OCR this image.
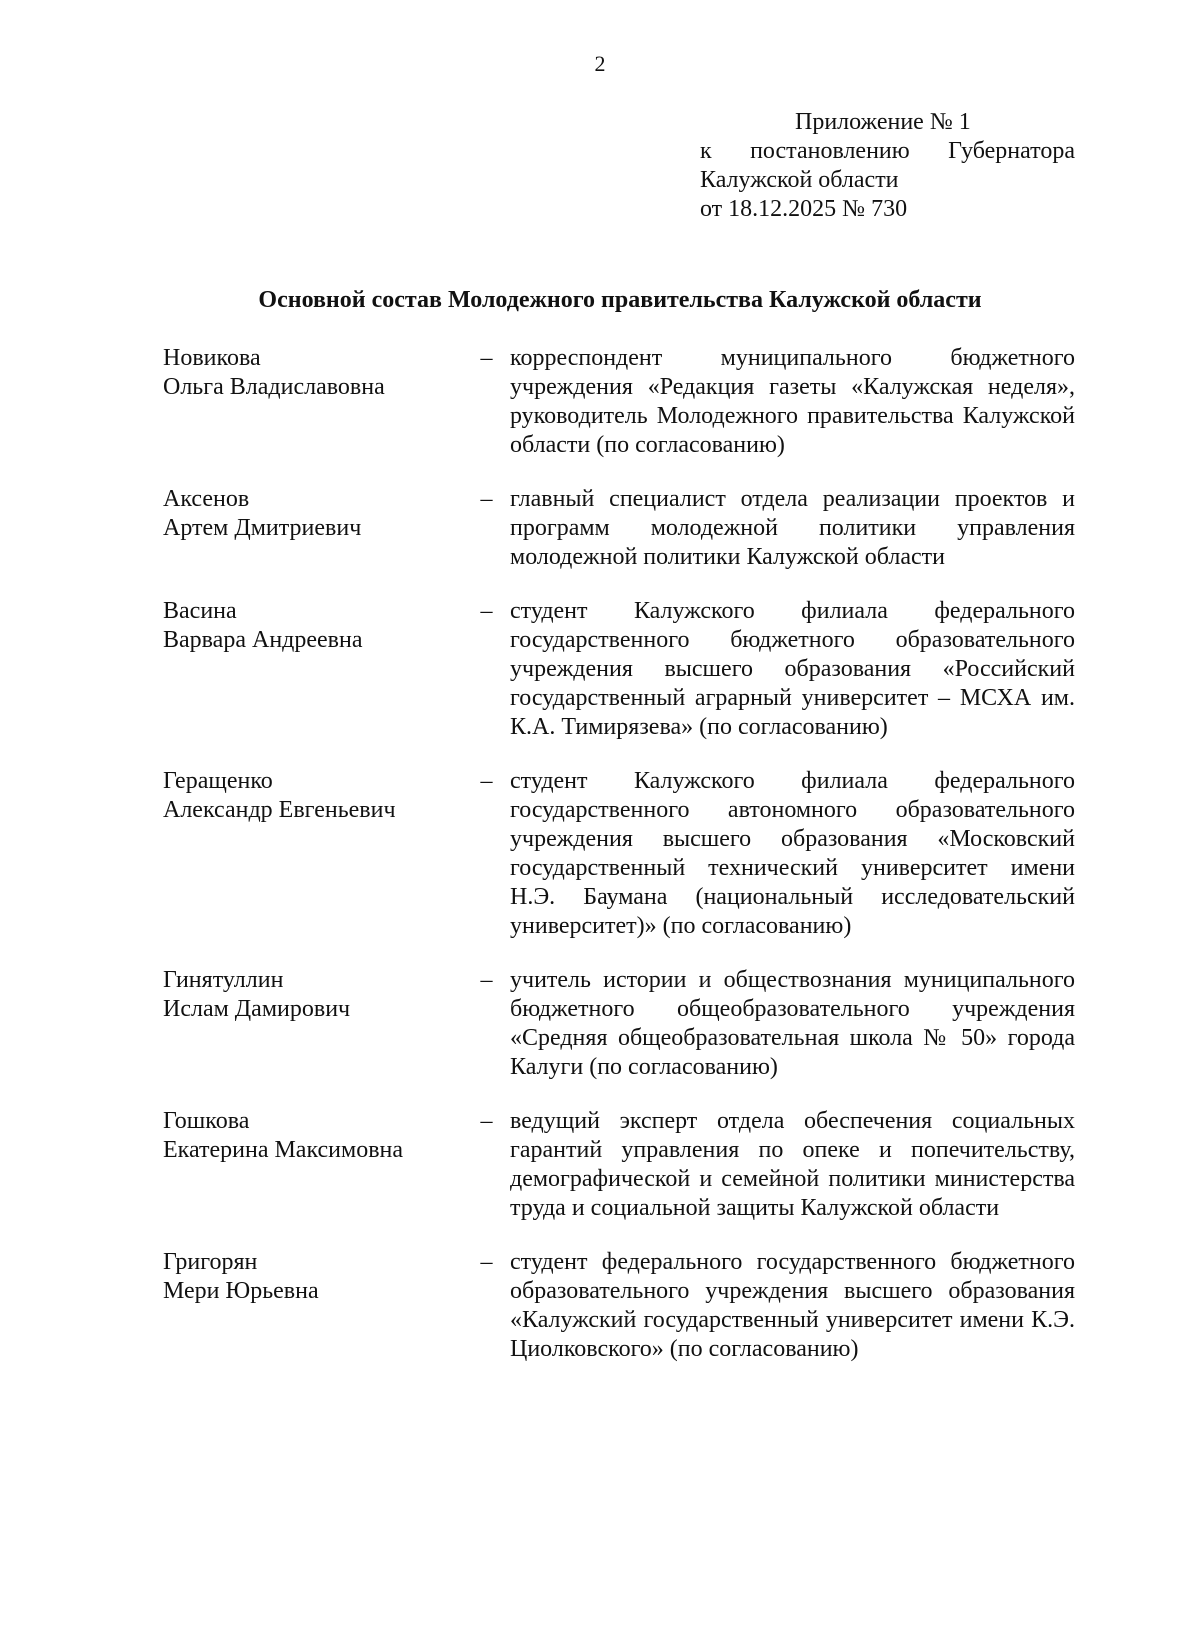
2
Приложение № 1
к постановлению Губернатора
Калужской области
от 18.12.2025 № 730
Основной состав Молодежного правительства Калужской области
Новикова
Ольга Владиславовна
– корреспондент муниципального бюджетного учреждения «Редакция газеты «Калужская неделя», руководитель Молодежного правительства Калужской области (по согласованию)
Аксенов
Артем Дмитриевич
– главный специалист отдела реализации проектов и программ молодежной политики управления молодежной политики Калужской области
Васина
Варвара Андреевна
– студент Калужского филиала федерального государственного бюджетного образовательного учреждения высшего образования «Российский государственный аграрный университет – МСХА им. К.А. Тимирязева» (по согласованию)
Геращенко
Александр Евгеньевич
– студент Калужского филиала федерального государственного автономного образовательного учреждения высшего образования «Московский государственный технический университет имени Н.Э. Баумана (национальный исследовательский университет)» (по согласованию)
Гинятуллин
Ислам Дамирович
– учитель истории и обществознания муниципального бюджетного общеобразовательного учреждения «Средняя общеобразовательная школа № 50» города Калуги (по согласованию)
Гошкова
Екатерина Максимовна
– ведущий эксперт отдела обеспечения социальных гарантий управления по опеке и попечительству, демографической и семейной политики министерства труда и социальной защиты Калужской области
Григорян
Мери Юрьевна
– студент федерального государственного бюджетного образовательного учреждения высшего образования «Калужский государственный университет имени К.Э. Циолковского» (по согласованию)
